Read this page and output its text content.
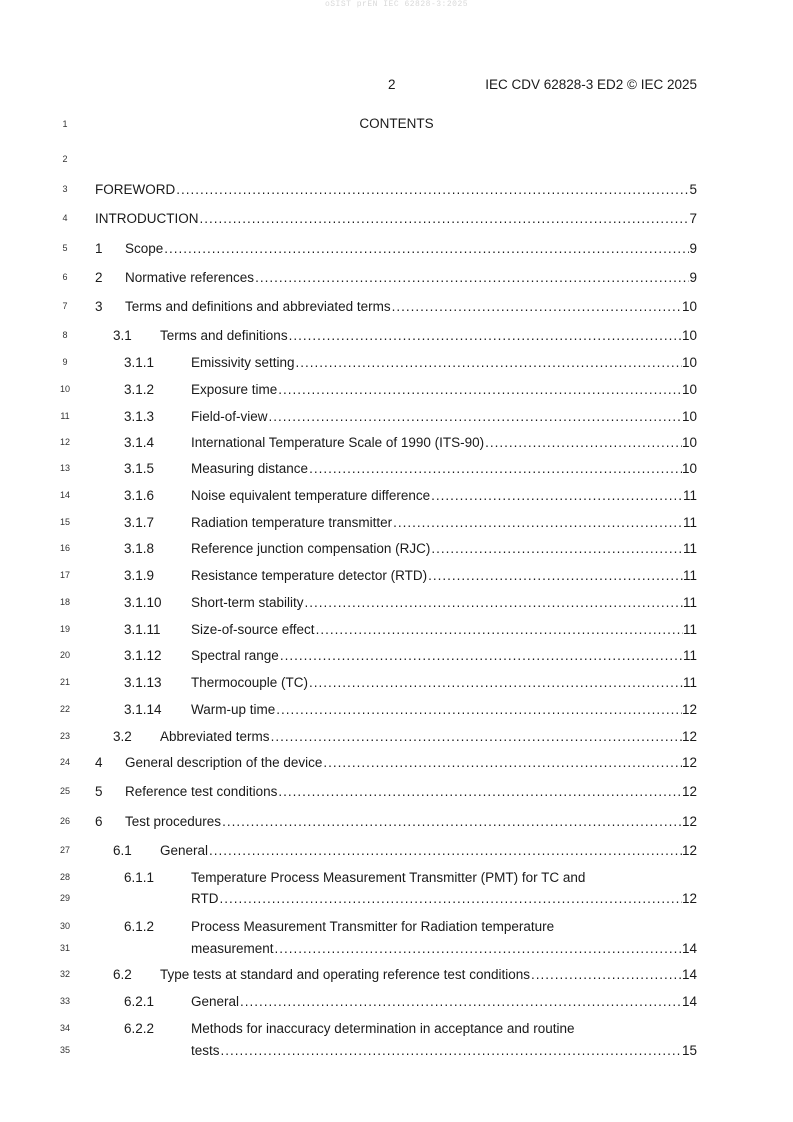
oSIST prEN IEC 62828-3:2025
2	IEC CDV 62828-3 ED2 © IEC 2025
1	CONTENTS
2
3	FOREWORD .....	5
4	INTRODUCTION .....	7
5	1	Scope .....	9
6	2	Normative references .....	9
7	3	Terms and definitions and abbreviated terms .....	10
8	3.1	Terms and definitions .....	10
9	3.1.1	Emissivity setting .....	10
10	3.1.2	Exposure time .....	10
11	3.1.3	Field-of-view .....	10
12	3.1.4	International Temperature Scale of 1990 (ITS-90) .....	10
13	3.1.5	Measuring distance .....	10
14	3.1.6	Noise equivalent temperature difference .....	11
15	3.1.7	Radiation temperature transmitter .....	11
16	3.1.8	Reference junction compensation (RJC) .....	11
17	3.1.9	Resistance temperature detector (RTD) .....	11
18	3.1.10	Short-term stability .....	11
19	3.1.11	Size-of-source effect .....	11
20	3.1.12	Spectral range .....	11
21	3.1.13	Thermocouple (TC) .....	11
22	3.1.14	Warm-up time .....	12
23	3.2	Abbreviated terms .....	12
24	4	General description of the device .....	12
25	5	Reference test conditions .....	12
26	6	Test procedures .....	12
27	6.1	General .....	12
28	6.1.1	Temperature Process Measurement Transmitter (PMT) for TC and
29	RTD .....	12
30	6.1.2	Process Measurement Transmitter for Radiation temperature
31	measurement .....	14
32	6.2	Type tests at standard and operating reference test conditions .....	14
33	6.2.1	General .....	14
34	6.2.2	Methods for inaccuracy determination in acceptance and routine
35	tests .....	15
